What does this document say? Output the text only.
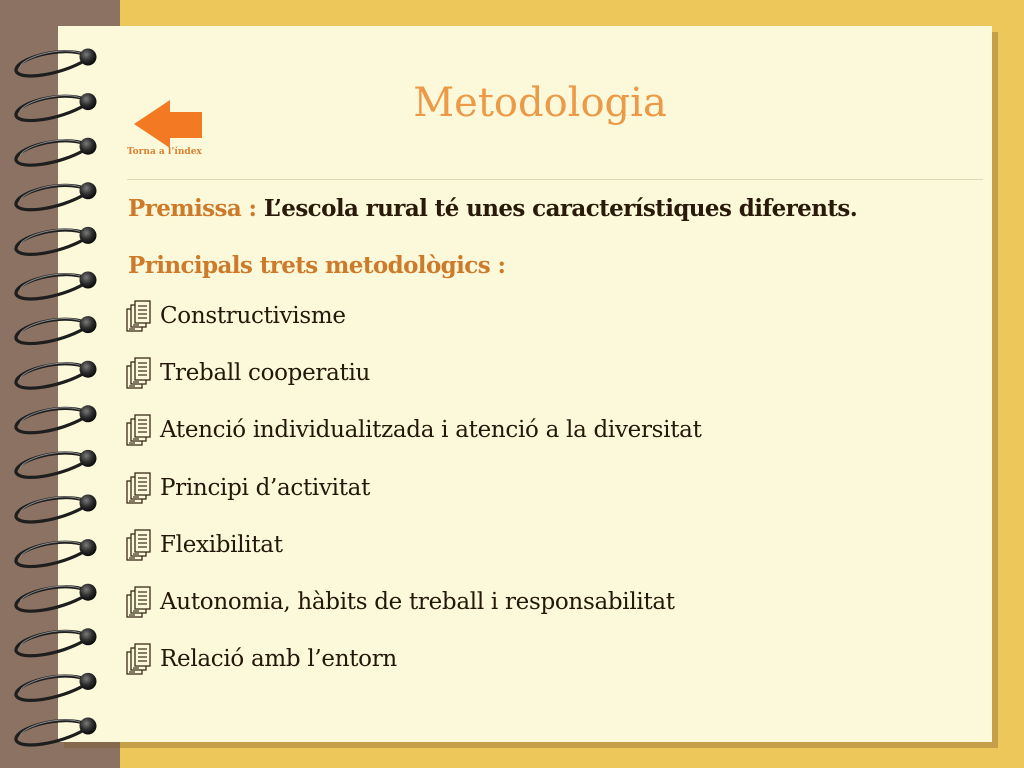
Torna a l’índex
Metodologia
Premissa : L’escola rural té unes característiques diferents.
Principals trets metodològics :
Constructivisme
Treball cooperatiu
Atenció individualitzada i atenció a la diversitat
Principi d’activitat
Flexibilitat
Autonomia, hàbits de treball i responsabilitat
Relació amb l’entorn
